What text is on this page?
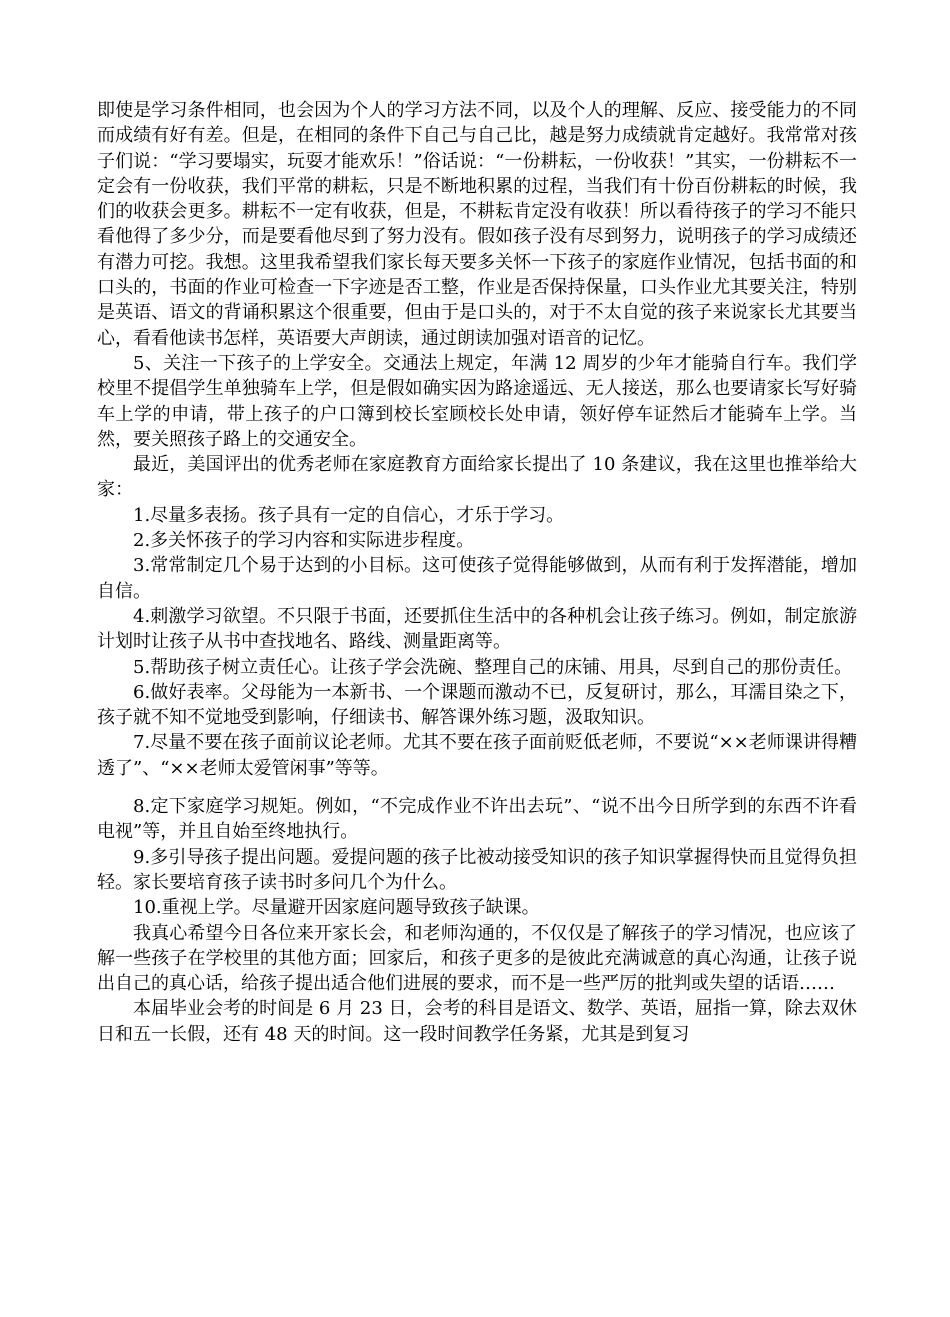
即使是学习条件相同，也会因为个人的学习方法不同，以及个人的理解、反应、接受能力的不同而成绩有好有差。但是，在相同的条件下自己与自己比，越是努力成绩就肯定越好。我常常对孩子们说：“学习要塌实，玩耍才能欢乐！”俗话说：“一份耕耘，一份收获！”其实，一份耕耘不一定会有一份收获，我们平常的耕耘，只是不断地积累的过程，当我们有十份百份耕耘的时候，我们的收获会更多。耕耘不一定有收获，但是，不耕耘肯定没有收获！所以看待孩子的学习不能只看他得了多少分，而是要看他尽到了努力没有。假如孩子没有尽到努力，说明孩子的学习成绩还有潜力可挖。我想。这里我希望我们家长每天要多关怀一下孩子的家庭作业情况，包括书面的和口头的，书面的作业可检查一下字迹是否工整，作业是否保持保量，口头作业尤其要关注，特别是英语、语文的背诵积累这个很重要，但由于是口头的，对于不太自觉的孩子来说家长尤其要当心，看看他读书怎样，英语要大声朗读，通过朗读加强对语音的记忆。

5、关注一下孩子的上学安全。交通法上规定，年满 12 周岁的少年才能骑自行车。我们学校里不提倡学生单独骑车上学，但是假如确实因为路途遥远、无人接送，那么也要请家长写好骑车上学的申请，带上孩子的户口簿到校长室顾校长处申请，领好停车证然后才能骑车上学。当然，要关照孩子路上的交通安全。

最近，美国评出的优秀老师在家庭教育方面给家长提出了 10 条建议，我在这里也推举给大家：

1.尽量多表扬。孩子具有一定的自信心，才乐于学习。

2.多关怀孩子的学习内容和实际进步程度。

3.常常制定几个易于达到的小目标。这可使孩子觉得能够做到，从而有利于发挥潜能，增加自信。

4.刺激学习欲望。不只限于书面，还要抓住生活中的各种机会让孩子练习。例如，制定旅游计划时让孩子从书中查找地名、路线、测量距离等。

5.帮助孩子树立责任心。让孩子学会洗碗、整理自己的床铺、用具，尽到自己的那份责任。

6.做好表率。父母能为一本新书、一个课题而激动不已，反复研讨，那么，耳濡目染之下，孩子就不知不觉地受到影响，仔细读书、解答课外练习题，汲取知识。

7.尽量不要在孩子面前议论老师。尤其不要在孩子面前贬低老师，不要说“××老师课讲得糟透了”、“××老师太爱管闲事”等等。

8.定下家庭学习规矩。例如，“不完成作业不许出去玩”、“说不出今日所学到的东西不许看电视”等，并且自始至终地执行。

9.多引导孩子提出问题。爱提问题的孩子比被动接受知识的孩子知识掌握得快而且觉得负担轻。家长要培育孩子读书时多问几个为什么。

10.重视上学。尽量避开因家庭问题导致孩子缺课。

我真心希望今日各位来开家长会，和老师沟通的，不仅仅是了解孩子的学习情况，也应该了解一些孩子在学校里的其他方面；回家后，和孩子更多的是彼此充满诚意的真心沟通，让孩子说出自己的真心话，给孩子提出适合他们进展的要求，而不是一些严厉的批判或失望的话语……

本届毕业会考的时间是 6 月 23 日，会考的科目是语文、数学、英语，屈指一算，除去双休日和五一长假，还有 48 天的时间。这一段时间教学任务紧，尤其是到复习
